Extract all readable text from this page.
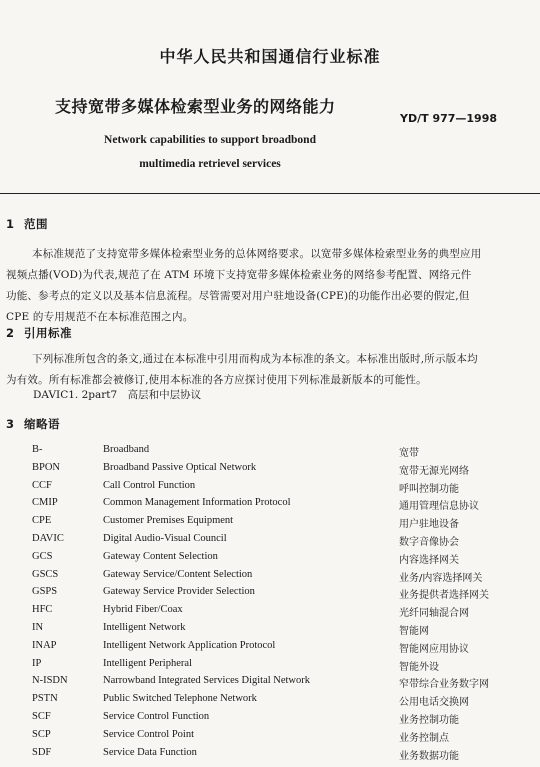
中华人民共和国通信行业标准
支持宽带多媒体检索型业务的网络能力
YD/T 977—1998
Network capabilities to support broadbond
multimedia retrievel services
1 范围
本标准规范了支持宽带多媒体检索型业务的总体网络要求。以宽带多媒体检索型业务的典型应用
视频点播(VOD)为代表,规范了在 ATM 环境下支持宽带多媒体检索业务的网络参考配置、网络元件
功能、参考点的定义以及基本信息流程。尽管需要对用户驻地设备(CPE)的功能作出必要的假定,但
CPE 的专用规范不在本标准范围之内。
2 引用标准
下列标准所包含的条文,通过在本标准中引用而构成为本标准的条文。本标准出版时,所示版本均
为有效。所有标准都会被修订,使用本标准的各方应探讨使用下列标准最新版本的可能性。
DAVIC1. 2part7　高层和中层协议
3 缩略语
B-	Broadband	宽带
BPON	Broadband Passive Optical Network	宽带无源光网络
CCF	Call Control Function	呼叫控制功能
CMIP	Common Management Information Protocol	通用管理信息协议
CPE	Customer Premises Equipment	用户驻地设备
DAVIC	Digital Audio-Visual Council	数字音像协会
GCS	Gateway Content Selection	内容选择网关
GSCS	Gateway Service/Content Selection	业务/内容选择网关
GSPS	Gateway Service Provider Selection	业务提供者选择网关
HFC	Hybrid Fiber/Coax	光纤同轴混合网
IN	Intelligent Network	智能网
INAP	Intelligent Network Application Protocol	智能网应用协议
IP	Intelligent Peripheral	智能外设
N-ISDN	Narrowband Integrated Services Digital Network	窄带综合业务数字网
PSTN	Public Switched Telephone Network	公用电话交换网
SCF	Service Control Function	业务控制功能
SCP	Service Control Point	业务控制点
SDF	Service Data Function	业务数据功能
